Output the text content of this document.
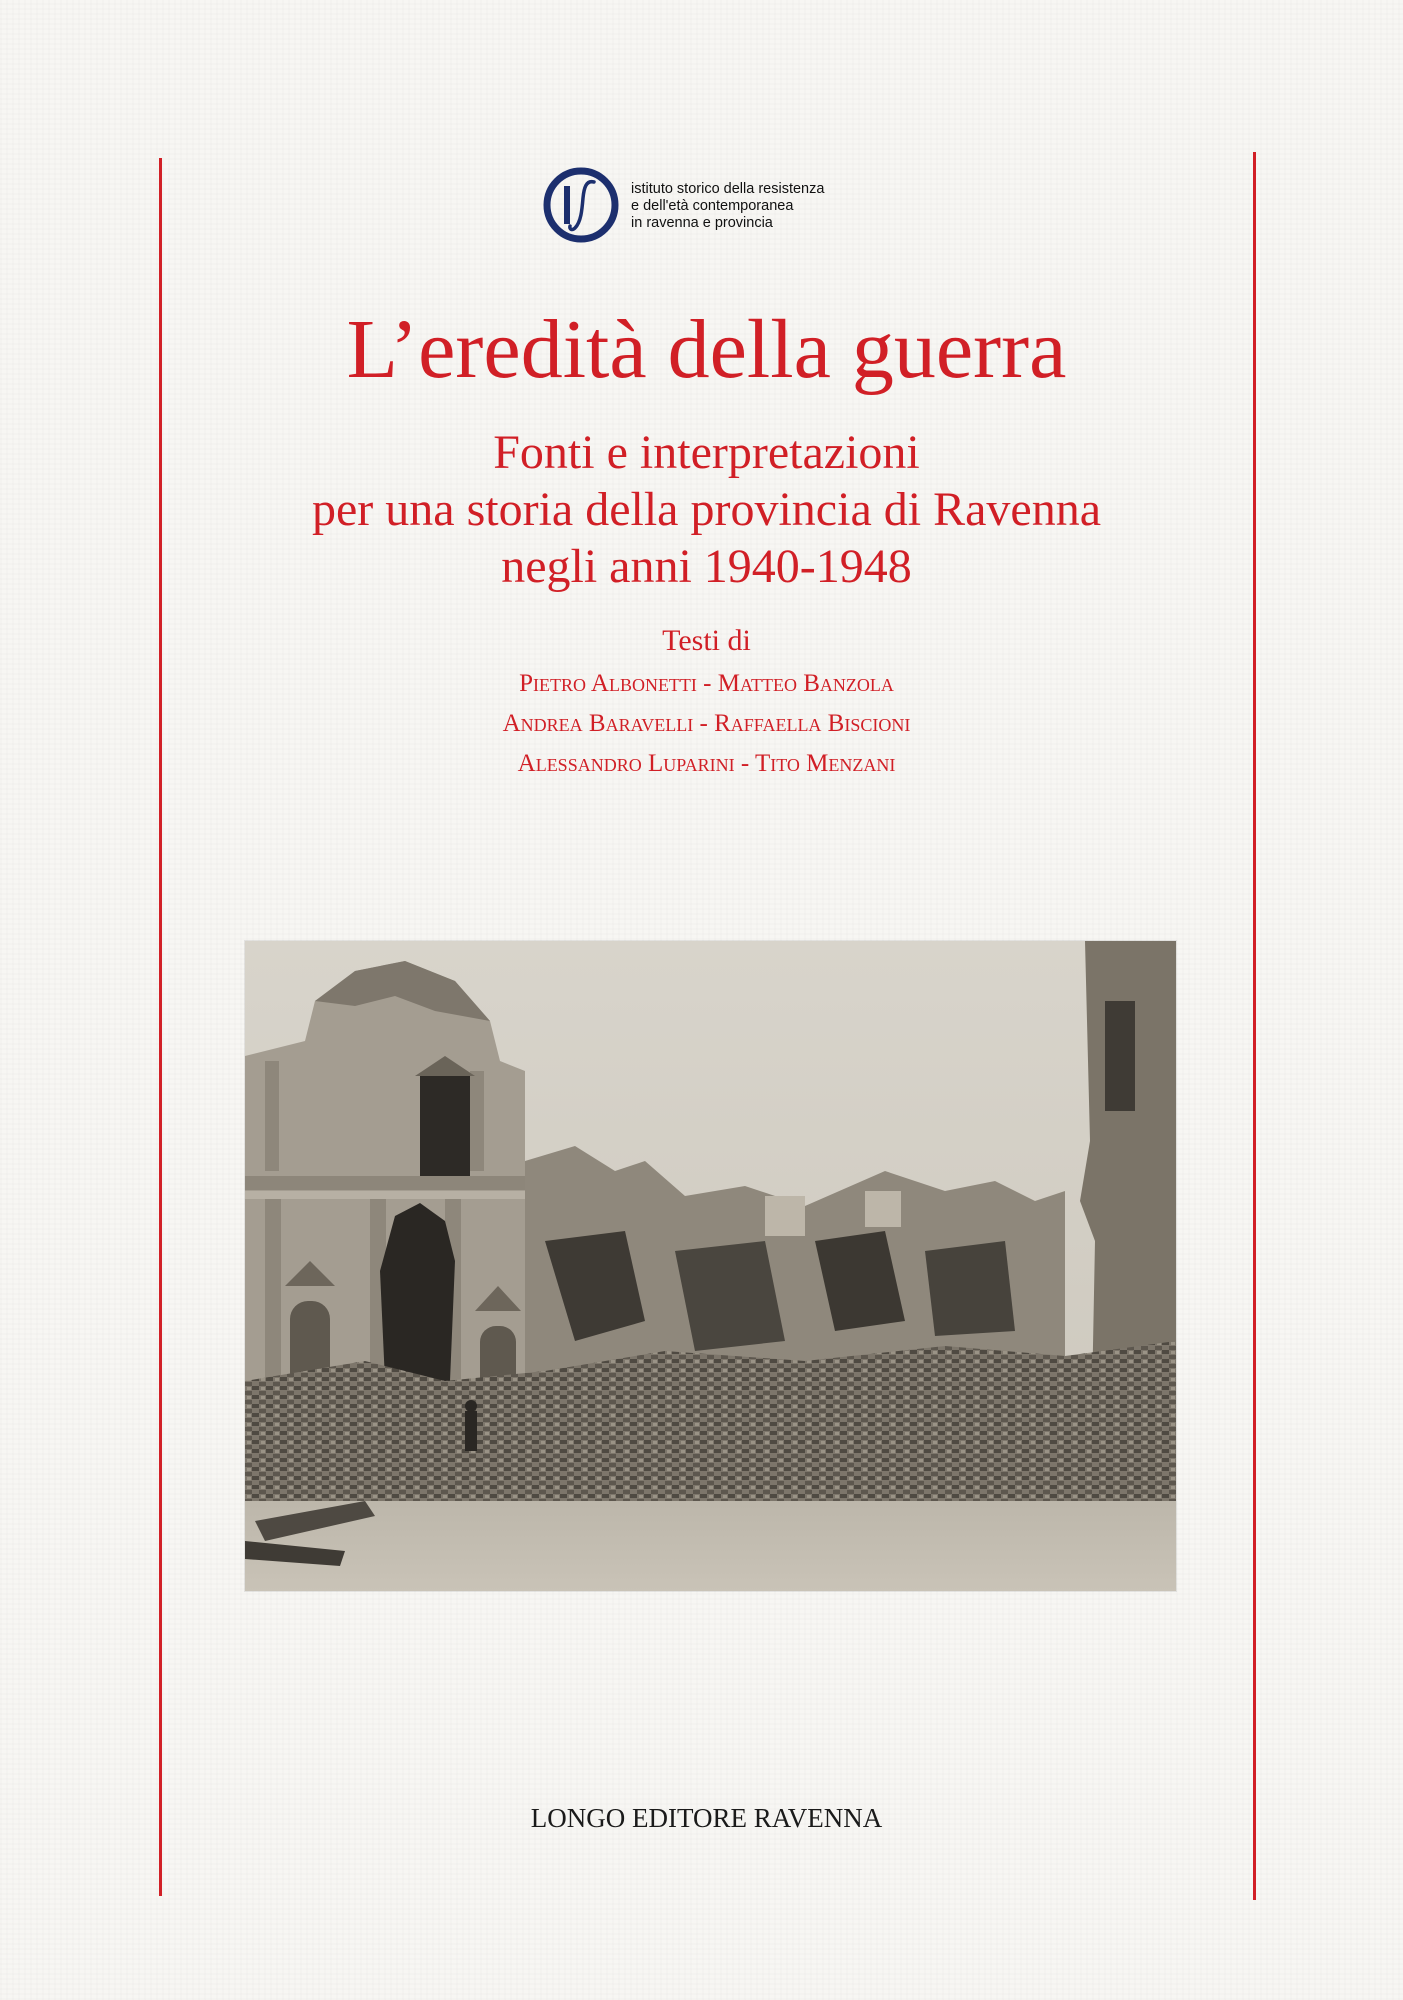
istituto storico della resistenza
e dell'età contemporanea
in ravenna e provincia
L’eredità della guerra
Fonti e interpretazioni
per una storia della provincia di Ravenna
negli anni 1940-1948
Testi di
Pietro Albonetti - Matteo Banzola
Andrea Baravelli - Raffaella Biscioni
Alessandro Luparini - Tito Menzani
LONGO EDITORE RAVENNA
